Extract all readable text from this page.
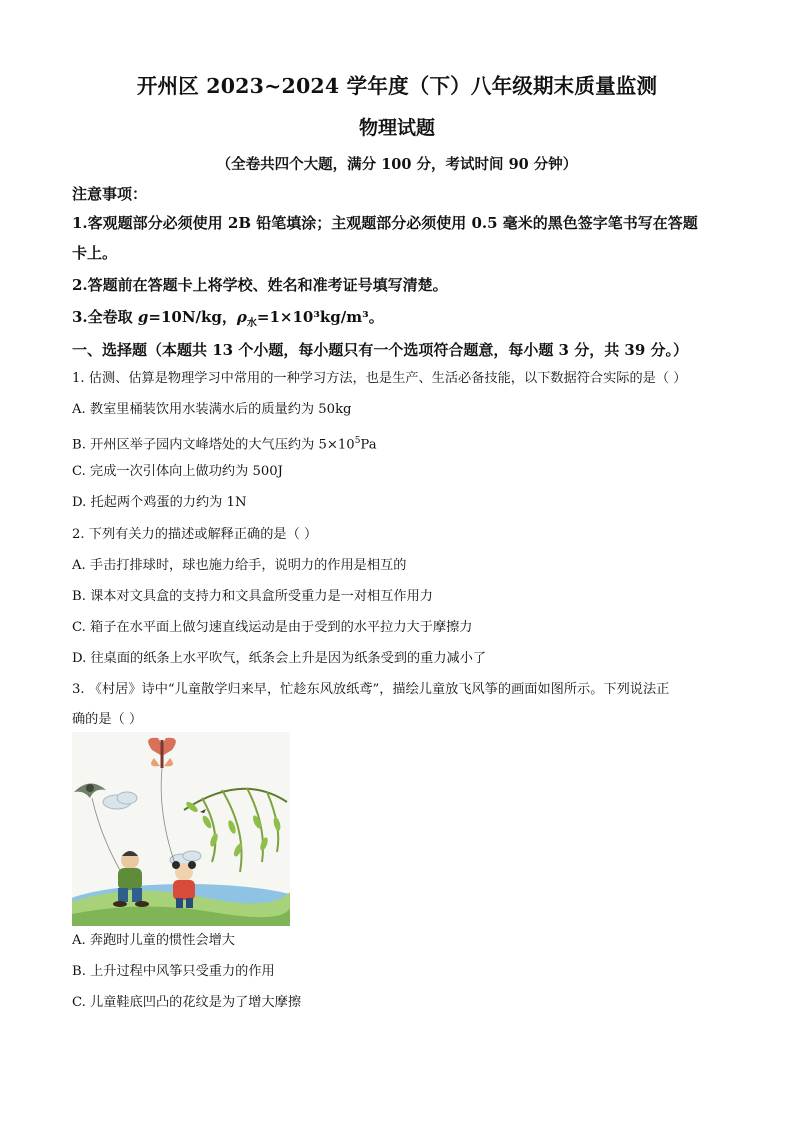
开州区 2023~2024 学年度（下）八年级期末质量监测
物理试题
（全卷共四个大题，满分 100 分，考试时间 90 分钟）
注意事项：
1.客观题部分必须使用 2B 铅笔填涂；主观题部分必须使用 0.5 毫米的黑色签字笔书写在答题
卡上。
2.答题前在答题卡上将学校、姓名和准考证号填写清楚。
3.全卷取 g=10N/kg，$\rho_水=1\times 10^3kg/m^3$。
一、选择题（本题共 13 个小题，每小题只有一个选项符合题意，每小题 3 分，共 39 分。）
1. 估测、估算是物理学习中常用的一种学习方法，也是生产、生活必备技能，以下数据符合实际的是（ ）
A. 教室里桶装饮用水装满水后的质量约为 50kg
B. 开州区举子园内文峰塔处的大气压约为 $5\times 10^5Pa$
C. 完成一次引体向上做功约为 500J
D. 托起两个鸡蛋的力约为 1N
2. 下列有关力的描述或解释正确的是（ ）
A. 手击打排球时，球也施力给手，说明力的作用是相互的
B. 课本对文具盒的支持力和文具盒所受重力是一对相互作用力
C. 箱子在水平面上做匀速直线运动是由于受到的水平拉力大于摩擦力
D. 往桌面的纸条上水平吹气，纸条会上升是因为纸条受到的重力减小了
3. 《村居》诗中“儿童散学归来早，忙趁东风放纸鸢”，描绘儿童放飞风筝的画面如图所示。下列说法正
确的是（ ）
A. 奔跑时儿童的惯性会增大
B. 上升过程中风筝只受重力的作用
C. 儿童鞋底凹凸的花纹是为了增大摩擦
